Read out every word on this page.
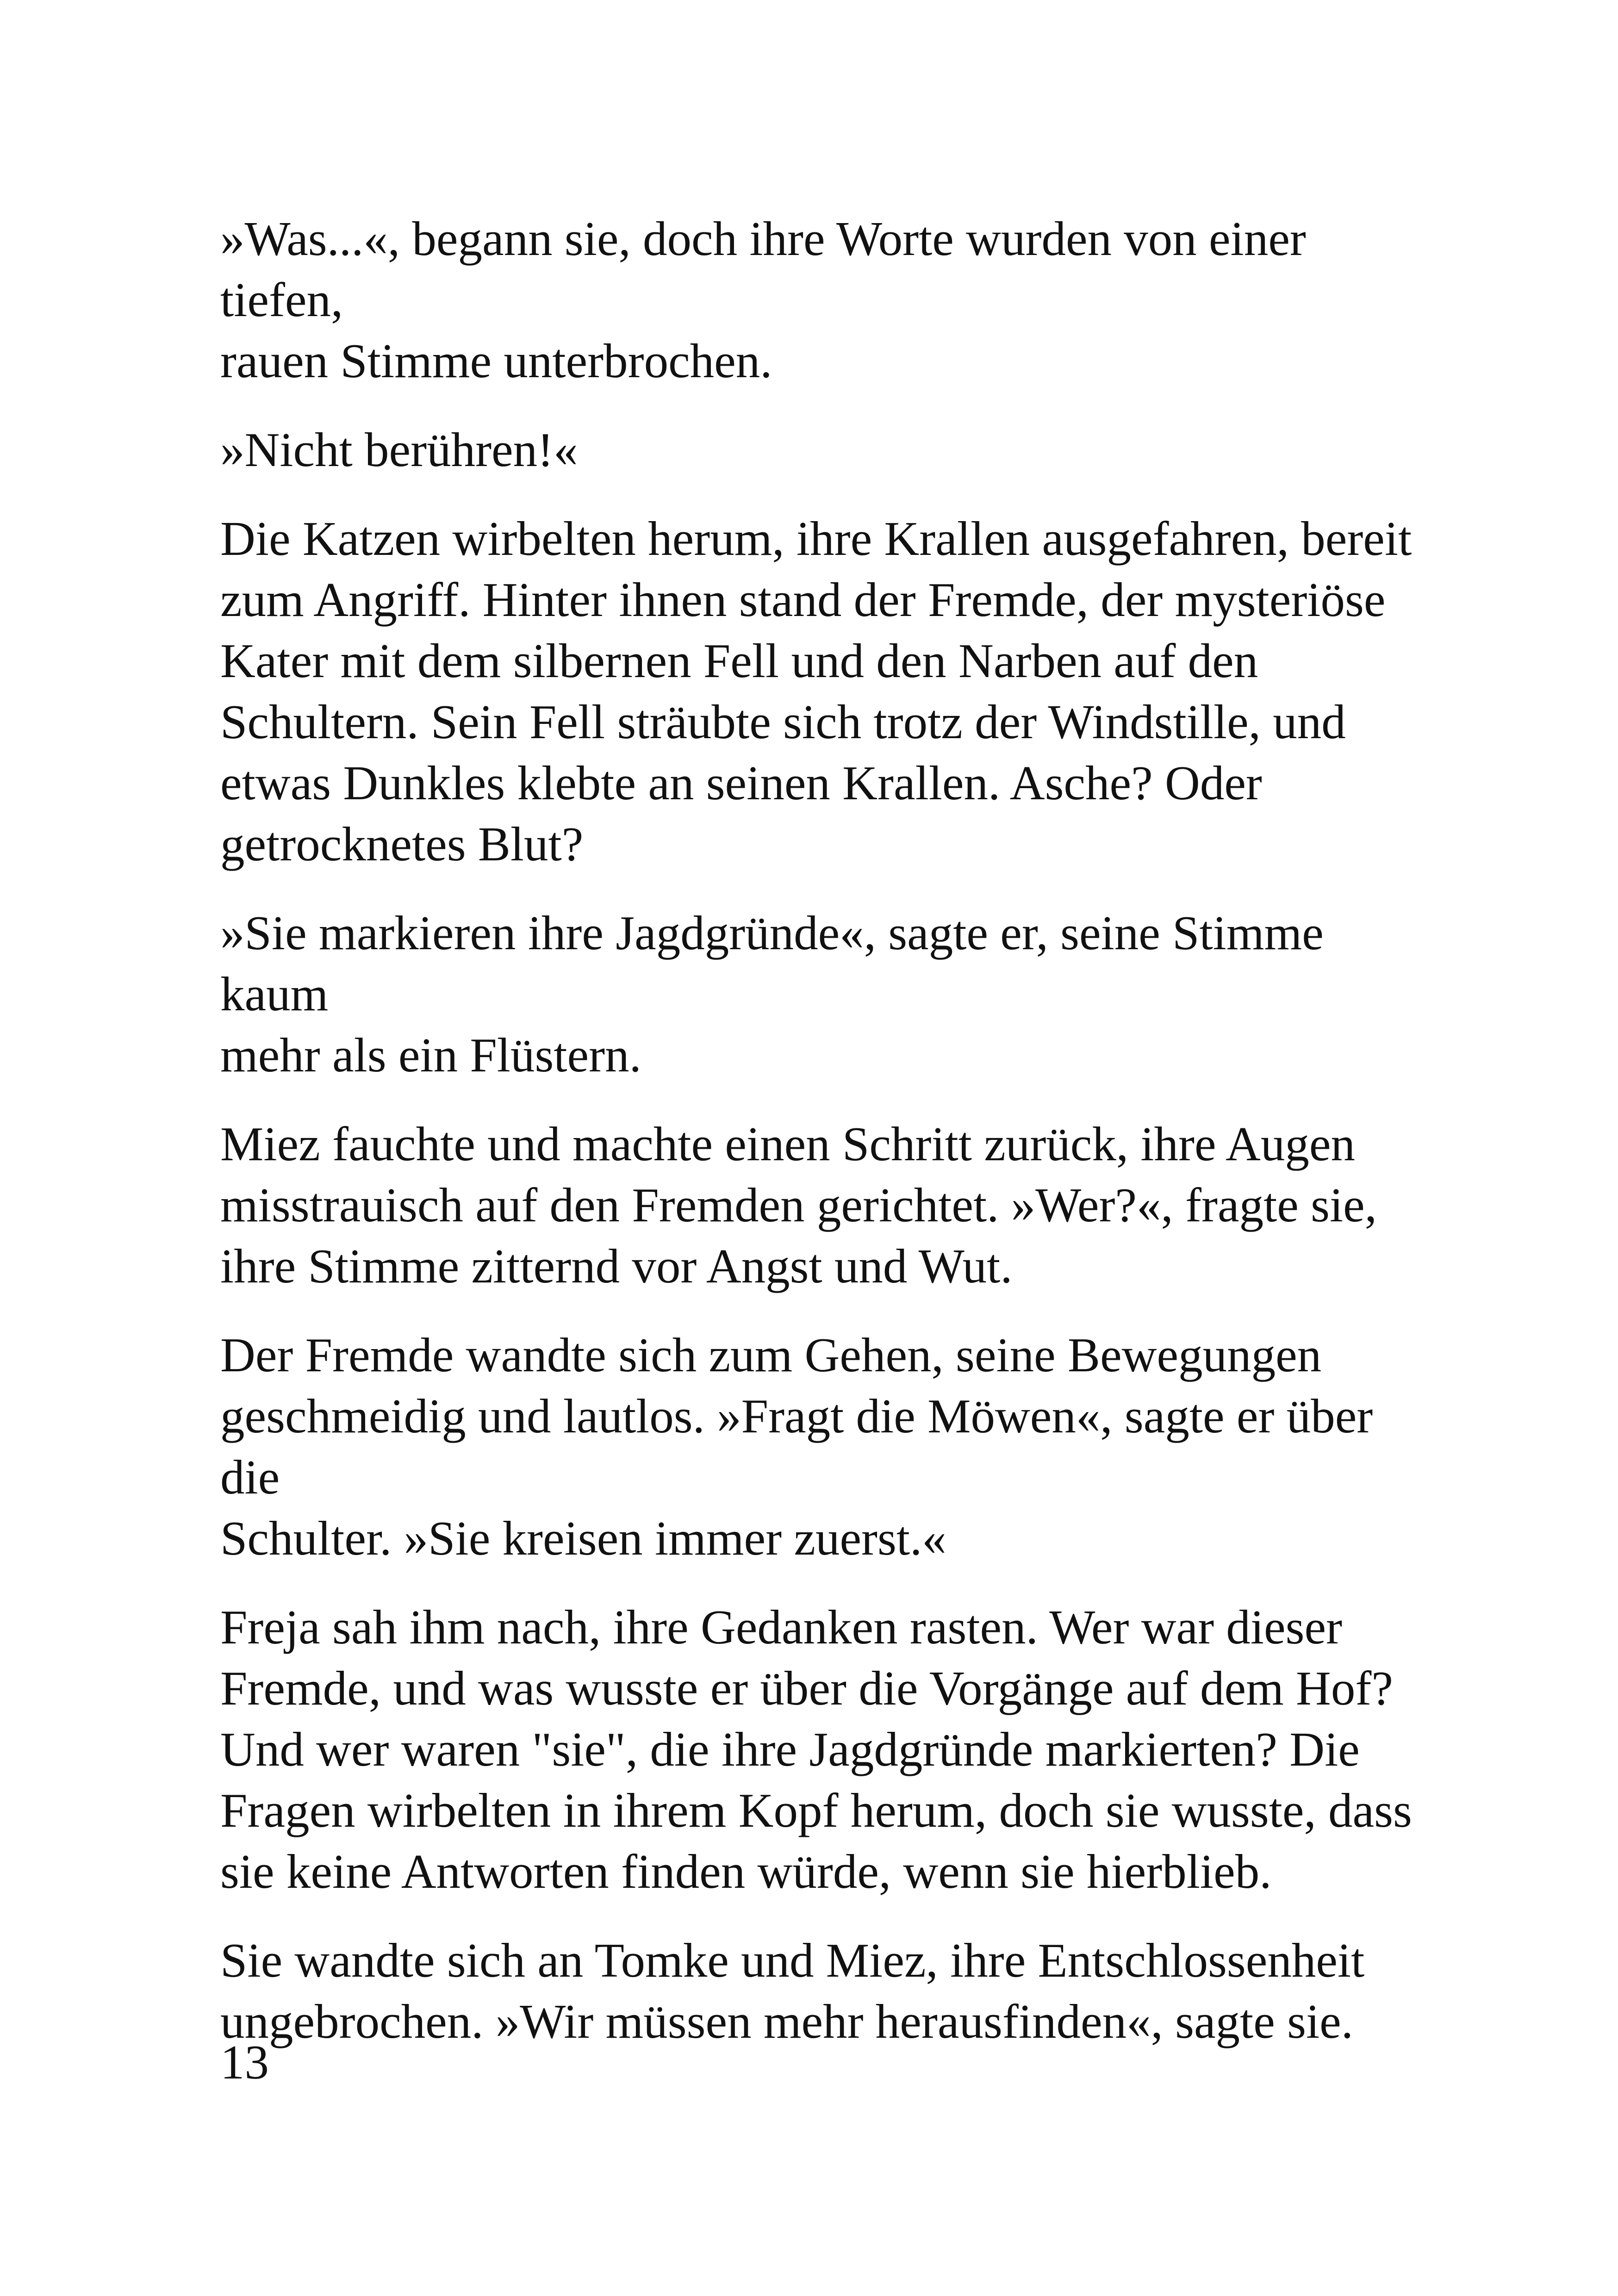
»Was...«, begann sie, doch ihre Worte wurden von einer tiefen,
rauen Stimme unterbrochen.

»Nicht berühren!«

Die Katzen wirbelten herum, ihre Krallen ausgefahren, bereit
zum Angriff. Hinter ihnen stand der Fremde, der mysteriöse
Kater mit dem silbernen Fell und den Narben auf den
Schultern. Sein Fell sträubte sich trotz der Windstille, und
etwas Dunkles klebte an seinen Krallen. Asche? Oder
getrocknetes Blut?

»Sie markieren ihre Jagdgründe«, sagte er, seine Stimme kaum
mehr als ein Flüstern.

Miez fauchte und machte einen Schritt zurück, ihre Augen
misstrauisch auf den Fremden gerichtet. »Wer?«, fragte sie,
ihre Stimme zitternd vor Angst und Wut.

Der Fremde wandte sich zum Gehen, seine Bewegungen
geschmeidig und lautlos. »Fragt die Möwen«, sagte er über die
Schulter. »Sie kreisen immer zuerst.«

Freja sah ihm nach, ihre Gedanken rasten. Wer war dieser
Fremde, und was wusste er über die Vorgänge auf dem Hof?
Und wer waren "sie", die ihre Jagdgründe markierten? Die
Fragen wirbelten in ihrem Kopf herum, doch sie wusste, dass
sie keine Antworten finden würde, wenn sie hierblieb.

Sie wandte sich an Tomke und Miez, ihre Entschlossenheit
ungebrochen. »Wir müssen mehr herausfinden«, sagte sie.

13
